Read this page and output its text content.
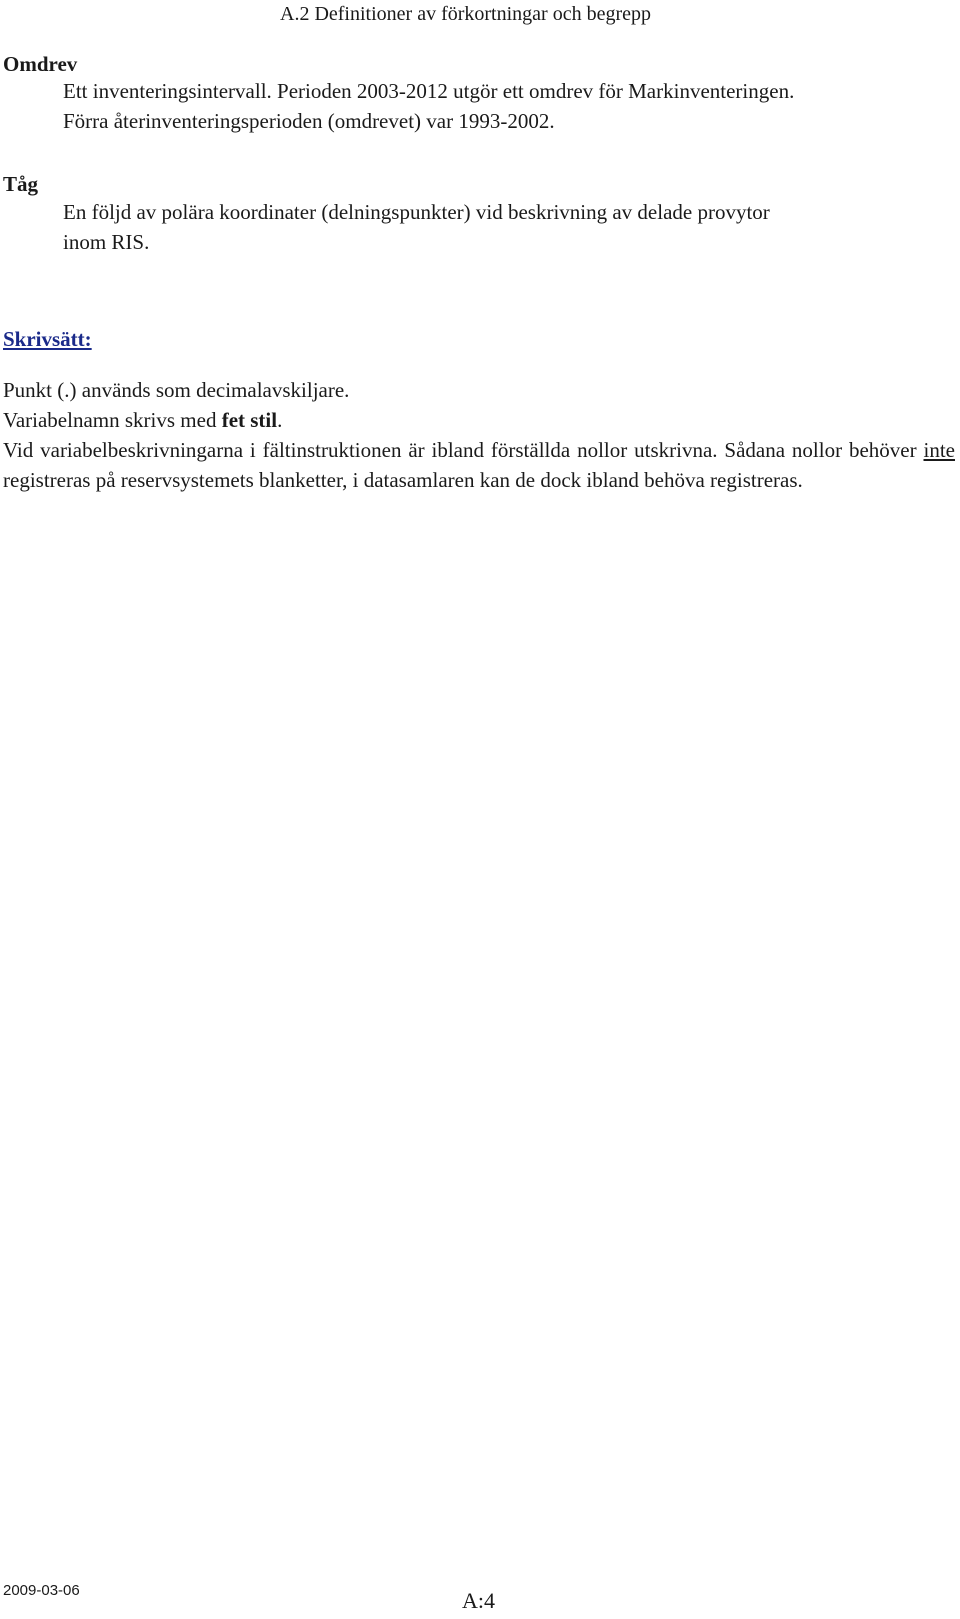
A.2 Definitioner av förkortningar och begrepp
Omdrev
Ett inventeringsintervall. Perioden 2003-2012 utgör ett omdrev för Markinventeringen.
Förra återinventeringsperioden (omdrevet) var 1993-2002.
Tåg
En följd av polära koordinater (delningspunkter) vid beskrivning av delade provytor
inom RIS.
Skrivsätt:
Punkt (.) används som decimalavskiljare.
Variabelnamn skrivs med fet stil.
Vid variabelbeskrivningarna i fältinstruktionen är ibland förställda nollor utskrivna. Sådana nollor behöver inte registreras på reservsystemets blanketter, i datasamlaren kan de dock ibland behöva registreras.
2009-03-06	A:4
